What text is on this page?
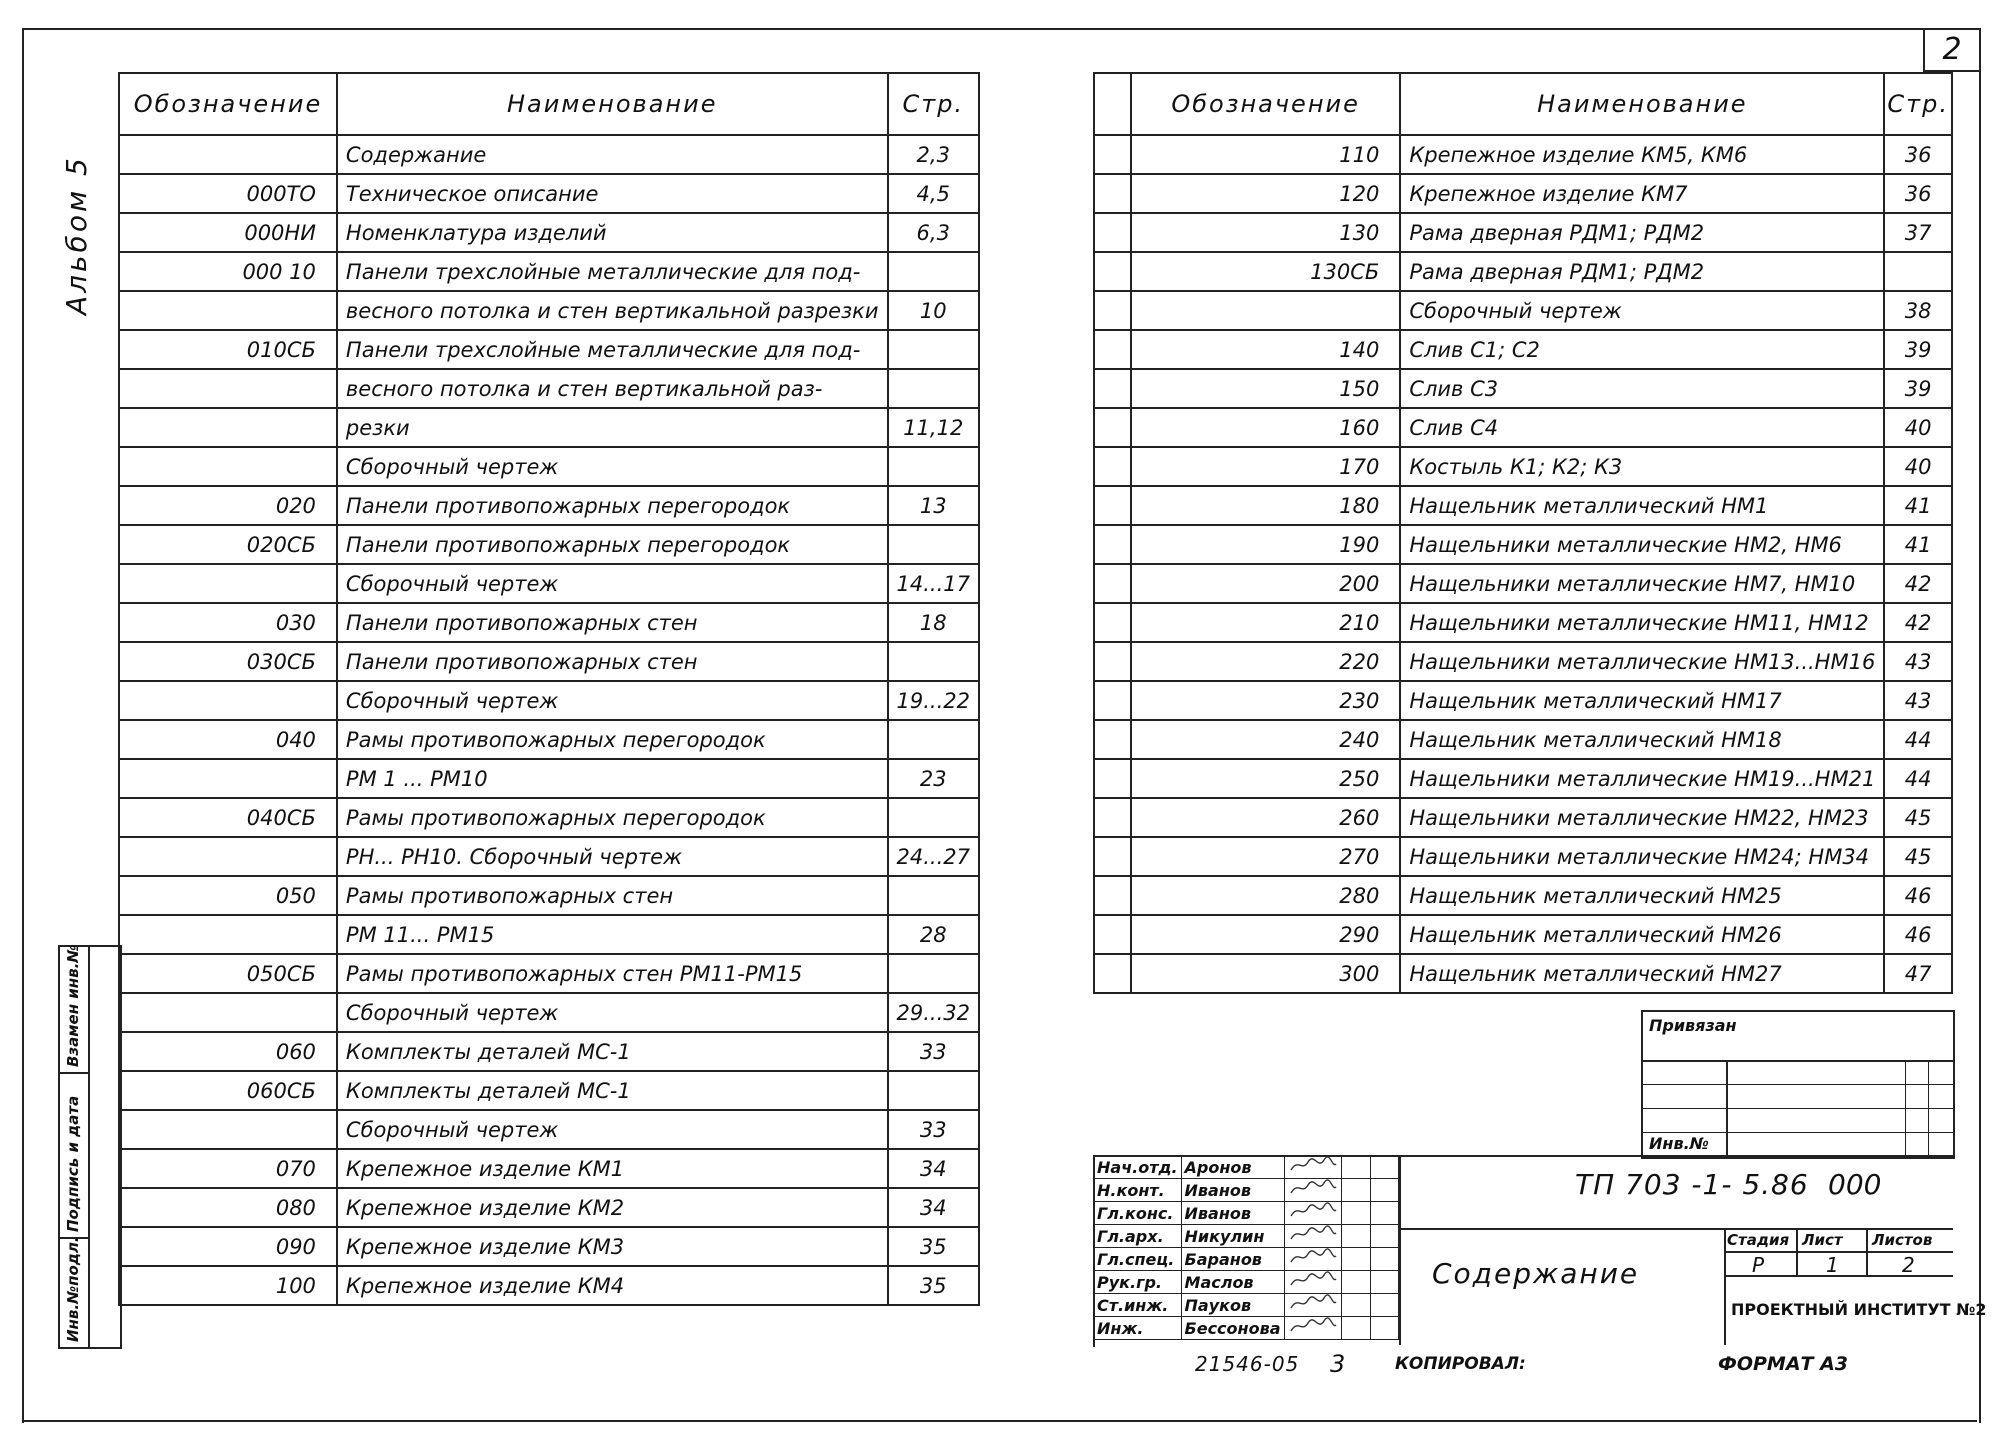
2
Альбом 5
Инв.№подл.
Подпись и дата
Взамен инв.№
Обозначение	Наименование	Стр.
	Содержание	2,3
000ТО	Техническое описание	4,5
000НИ	Номенклатура изделий	6,3
000 10	Панели трехслойные металлические для под-	
	весного потолка и стен вертикальной разрезки	10
010СБ	Панели трехслойные металлические для под-	
	весного потолка и стен вертикальной раз-	
	резки	11,12
	Сборочный чертеж	
020	Панели противопожарных перегородок	13
020СБ	Панели противопожарных перегородок	
	Сборочный чертеж	14...17
030	Панели противопожарных стен	18
030СБ	Панели противопожарных стен	
	Сборочный чертеж	19...22
040	Рамы противопожарных перегородок	
	РМ 1 ... РМ10	23
040СБ	Рамы противопожарных перегородок	
	РН... РН10. Сборочный чертеж	24...27
050	Рамы противопожарных стен	
	РМ 11... РМ15	28
050СБ	Рамы противопожарных стен РМ11-РМ15	
	Сборочный чертеж	29...32
060	Комплекты деталей МС-1	33
060СБ	Комплекты деталей МС-1	
	Сборочный чертеж	33
070	Крепежное изделие КМ1	34
080	Крепежное изделие КМ2	34
090	Крепежное изделие КМ3	35
100	Крепежное изделие КМ4	35
	Обозначение	Наименование	Стр.
	110	Крепежное изделие КМ5, КМ6	36
	120	Крепежное изделие КМ7	36
	130	Рама дверная РДМ1; РДМ2	37
	130СБ	Рама дверная РДМ1; РДМ2	
		Сборочный чертеж	38
	140	Слив С1; С2	39
	150	Слив С3	39
	160	Слив С4	40
	170	Костыль К1; К2; К3	40
	180	Нащельник металлический НМ1	41
	190	Нащельники металлические НМ2, НМ6	41
	200	Нащельники металлические НМ7, НМ10	42
	210	Нащельники металлические НМ11, НМ12	42
	220	Нащельники металлические НМ13...НМ16	43
	230	Нащельник металлический НМ17	43
	240	Нащельник металлический НМ18	44
	250	Нащельники металлические НМ19...НМ21	44
	260	Нащельники металлические НМ22, НМ23	45
	270	Нащельники металлические НМ24; НМ34	45
	280	Нащельник металлический НМ25	46
	290	Нащельник металлический НМ26	46
	300	Нащельник металлический НМ27	47
Привязан
Инв.№
Нач.отд.	Аронов			
Н.конт.	Иванов			
Гл.конс.	Иванов			
Гл.арх.	Никулин			
Гл.спец.	Баранов			
Рук.гр.	Маслов			
Ст.инж.	Пауков			
Инж.	Бессонова			
ТП 703 -1- 5.86 000
Содержание
Стадия Лист Листов
Р	1	2
ПРОЕКТНЫЙ ИНСТИТУТ №2
21546-05 3	КОПИРОВАЛ:	ФОРМАТ А3
